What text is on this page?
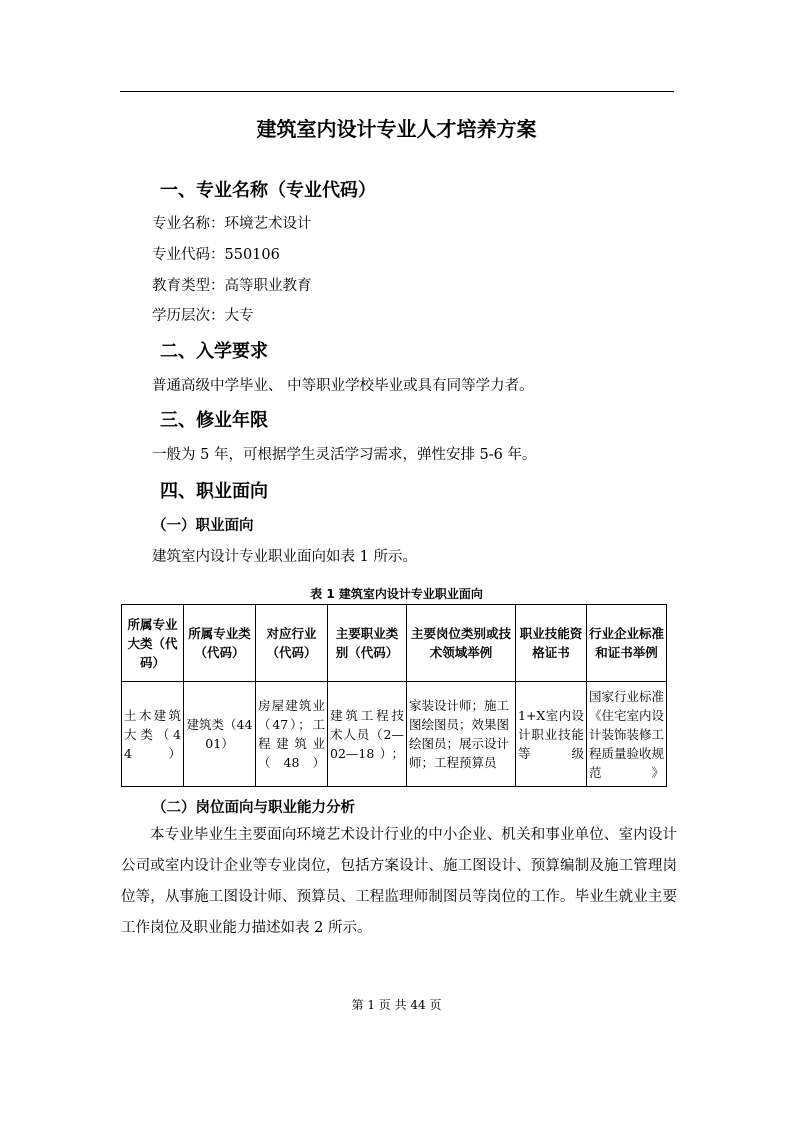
建筑室内设计专业人才培养方案
一、专业名称（专业代码）
专业名称：环境艺术设计
专业代码：550106
教育类型：高等职业教育
学历层次：大专
二、入学要求
普通高级中学毕业、 中等职业学校毕业或具有同等学力者。
三、修业年限
一般为 5 年，可根据学生灵活学习需求，弹性安排 5-6 年。
四、职业面向
（一）职业面向
建筑室内设计专业职业面向如表 1 所示。
表 1 建筑室内设计专业职业面向
所属专业大类（代码）	所属专业类（代码）	对应行业（代码）	主要职业类别（代码）	主要岗位类别或技术领域举例	职业技能资格证书	行业企业标准和证书举例
土木建筑大类（44）	建筑类（4401）	房屋建筑业（47）；工程建筑业（48）	建筑工程技术人员（2—02—18）；	家装设计师；施工图绘图员；效果图绘图员；展示设计师；工程预算员	1+X室内设计职业技能等级	国家行业标准《住宅室内设计装饰装修工程质量验收规范》
（二）岗位面向与职业能力分析
本专业毕业生主要面向环境艺术设计行业的中小企业、机关和事业单位、室内设计公司或室内设计企业等专业岗位，包括方案设计、施工图设计、预算编制及施工管理岗位等，从事施工图设计师、预算员、工程监理师制图员等岗位的工作。毕业生就业主要工作岗位及职业能力描述如表 2 所示。
第 1 页 共 44 页
